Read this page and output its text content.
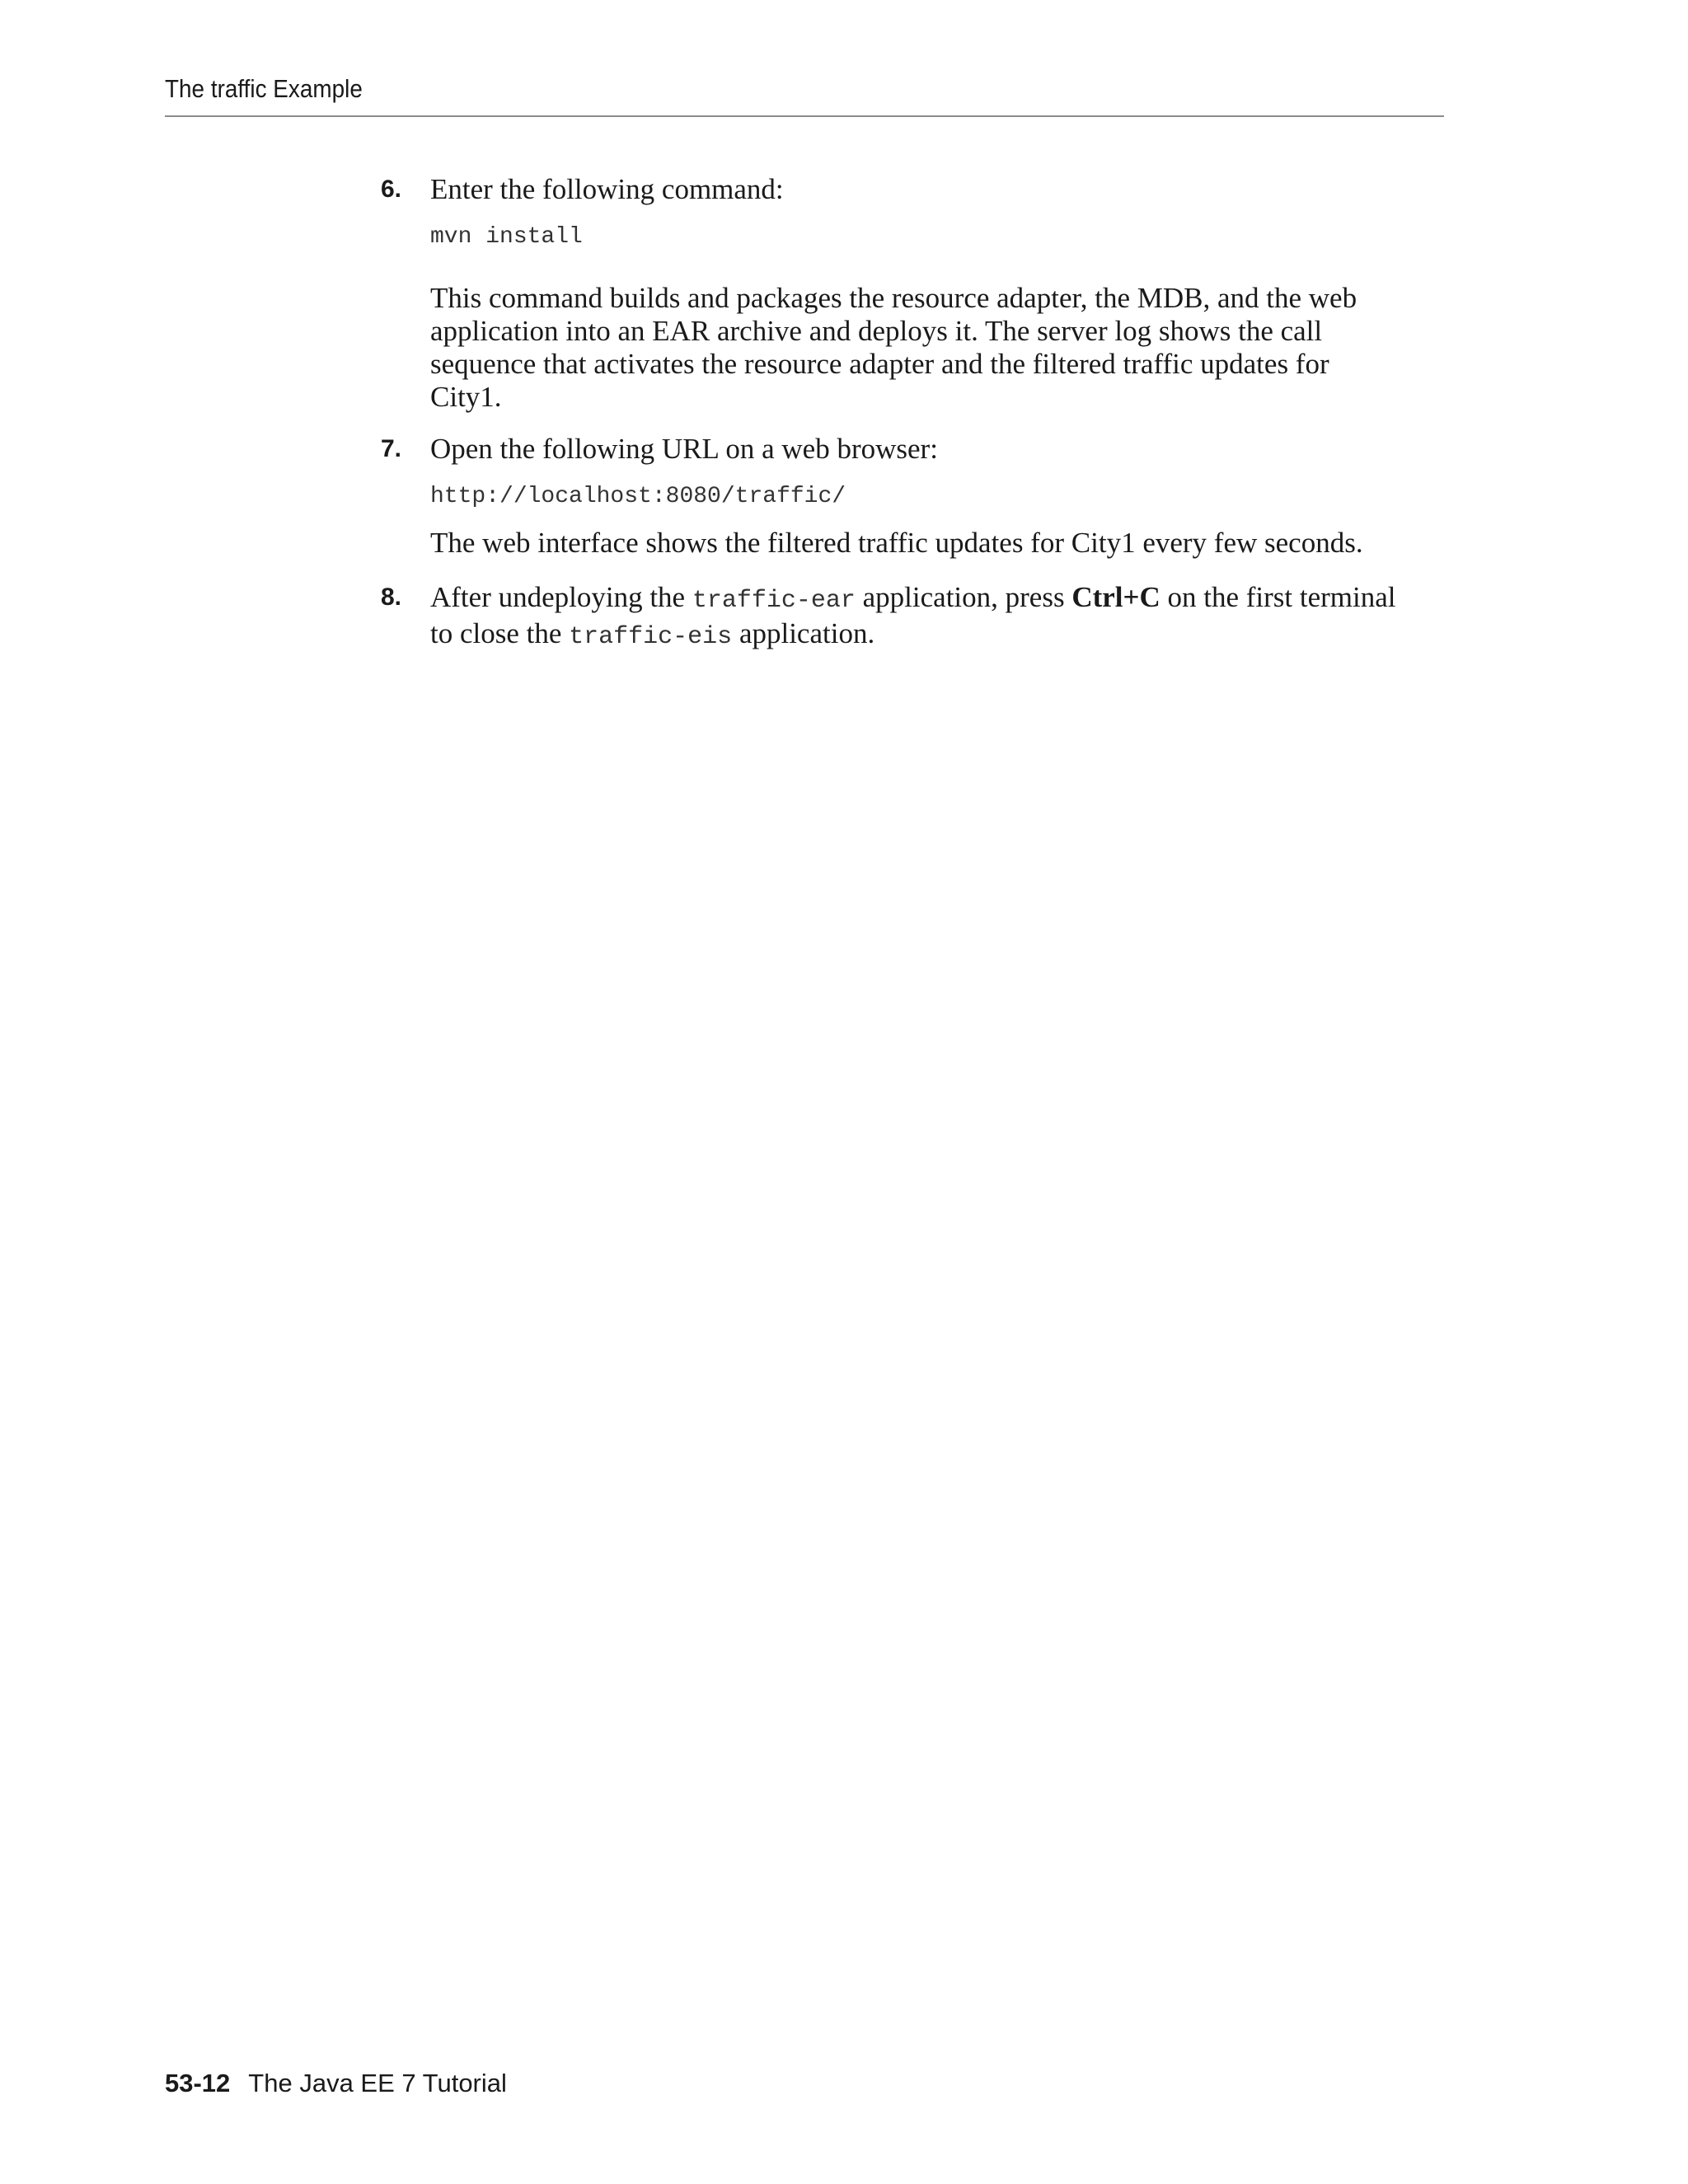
The traffic Example
6. Enter the following command:

mvn install

This command builds and packages the resource adapter, the MDB, and the web
application into an EAR archive and deploys it. The server log shows the call
sequence that activates the resource adapter and the filtered traffic updates for
City1.
7. Open the following URL on a web browser:

http://localhost:8080/traffic/

The web interface shows the filtered traffic updates for City1 every few seconds.
8. After undeploying the traffic-ear application, press Ctrl+C on the first terminal
to close the traffic-eis application.
53-12 The Java EE 7 Tutorial
